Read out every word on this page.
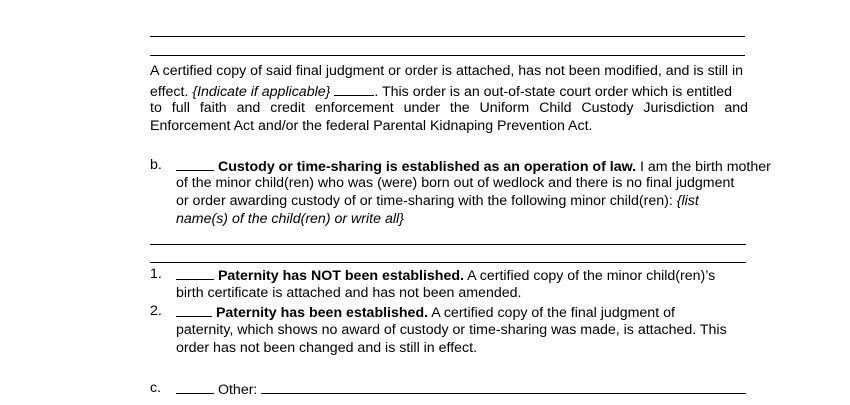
A certified copy of said final judgment or order is attached, has not been modified, and is still in
effect. {Indicate if applicable}	. This order is an out-of-state court order which is entitled
to full faith and credit enforcement under the Uniform Child Custody Jurisdiction and
Enforcement Act and/or the federal Parental Kidnaping Prevention Act.
b.	Custody or time-sharing is established as an operation of law. I am the birth mother
of the minor child(ren) who was (were) born out of wedlock and there is no final judgment
or order awarding custody of or time-sharing with the following minor child(ren): {list
name(s) of the child(ren) or write all}
1.	Paternity has NOT been established. A certified copy of the minor child(ren)’s
birth certificate is attached and has not been amended.
2.	Paternity has been established. A certified copy of the final judgment of
paternity, which shows no award of custody or time-sharing was made, is attached. This
order has not been changed and is still in effect.
c.	Other:
